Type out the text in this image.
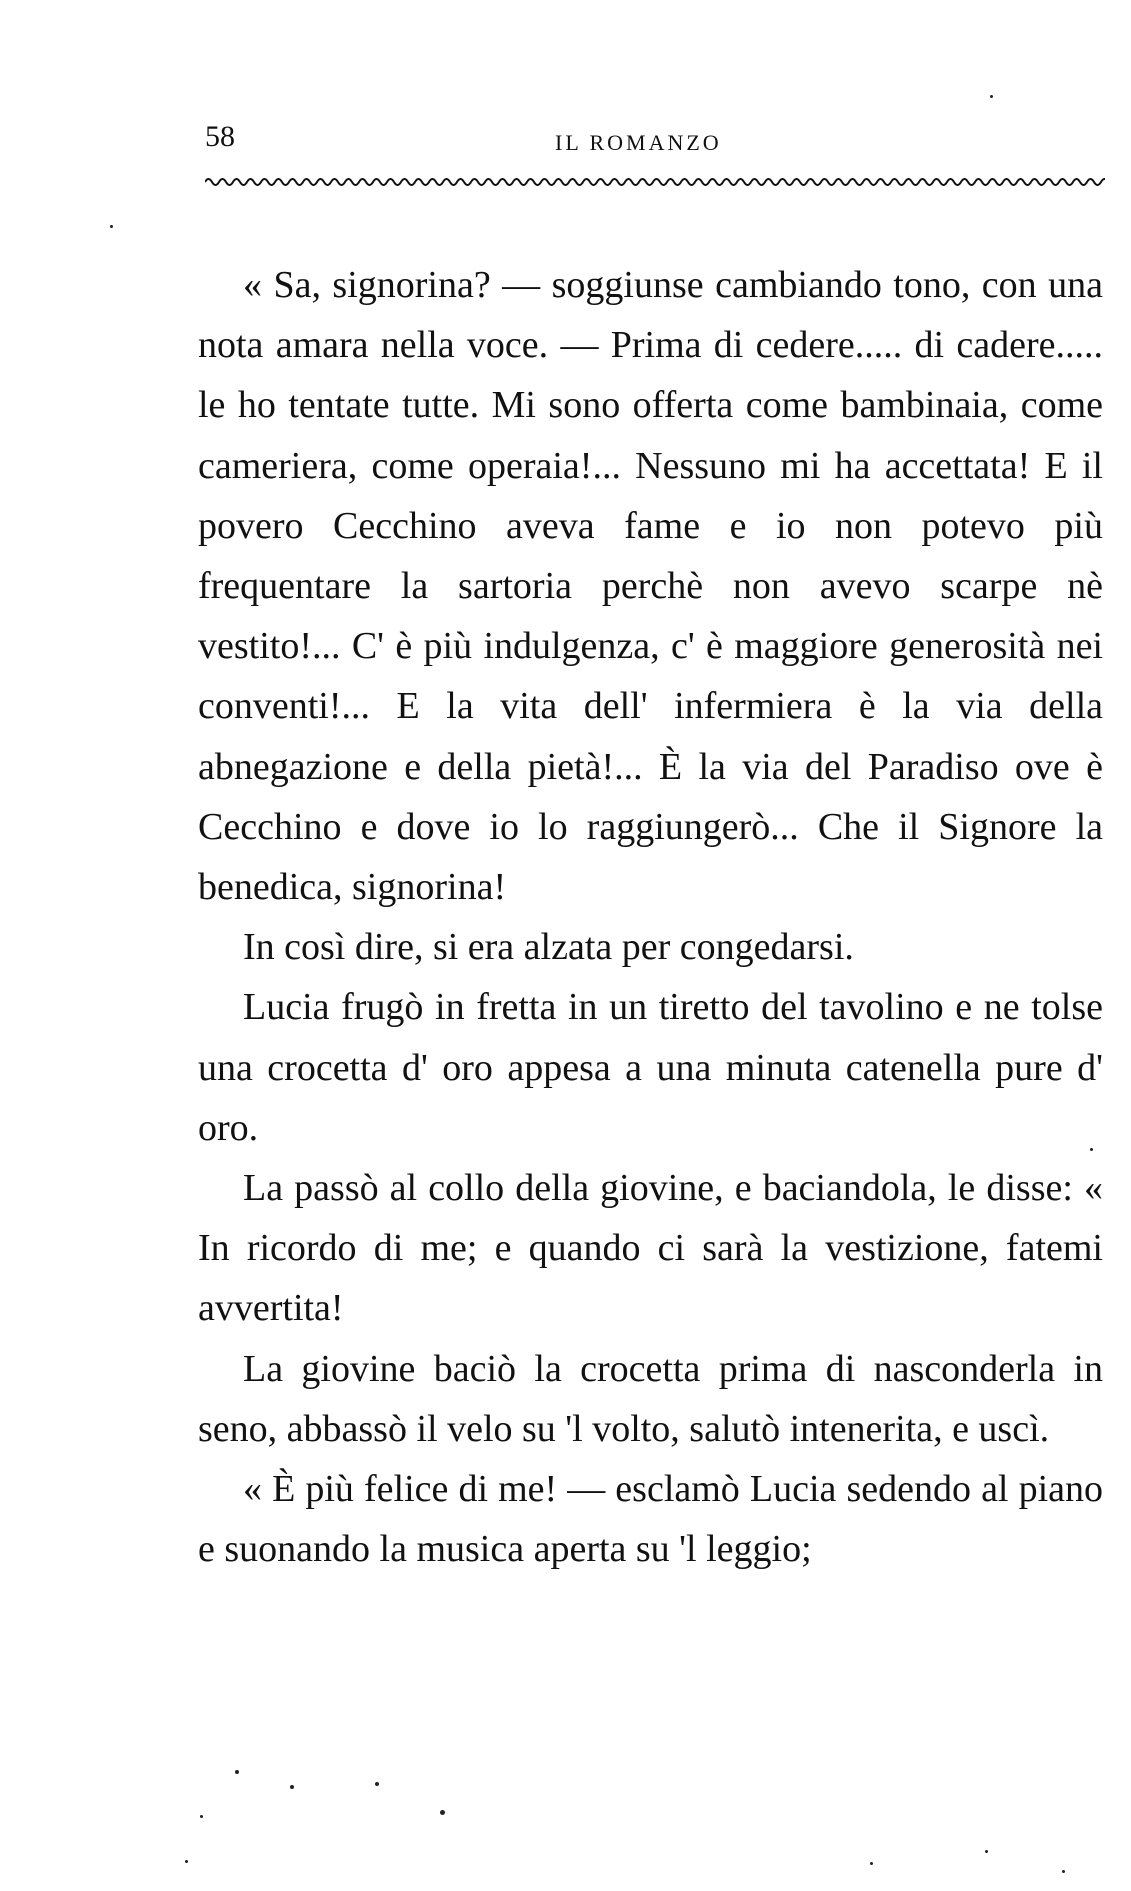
58	IL ROMANZO

« Sa, signorina? — soggiunse cambiando tono, con una nota amara nella voce. — Prima di cedere..... di cadere..... le ho tentate tutte. Mi sono offerta come bambinaia, come cameriera, come operaia!... Nessuno mi ha accettata! E il povero Cecchino aveva fame e io non potevo più frequentare la sartoria perchè non avevo scarpe nè vestito!... C' è più indulgenza, c' è maggiore generosità nei conventi!... E la vita dell' infermiera è la via della abnegazione e della pietà!... È la via del Paradiso ove è Cecchino e dove io lo raggiungerò... Che il Signore la benedica, signorina!

In così dire, si era alzata per congedarsi.

Lucia frugò in fretta in un tiretto del tavolino e ne tolse una crocetta d' oro appesa a una minuta catenella pure d' oro.

La passò al collo della giovine, e baciandola, le disse: « In ricordo di me; e quando ci sarà la vestizione, fatemi avvertita!

La giovine baciò la crocetta prima di nasconderla in seno, abbassò il velo su 'l volto, salutò intenerita, e uscì.

« È più felice di me! — esclamò Lucia sedendo al piano e suonando la musica aperta su 'l leggio;
